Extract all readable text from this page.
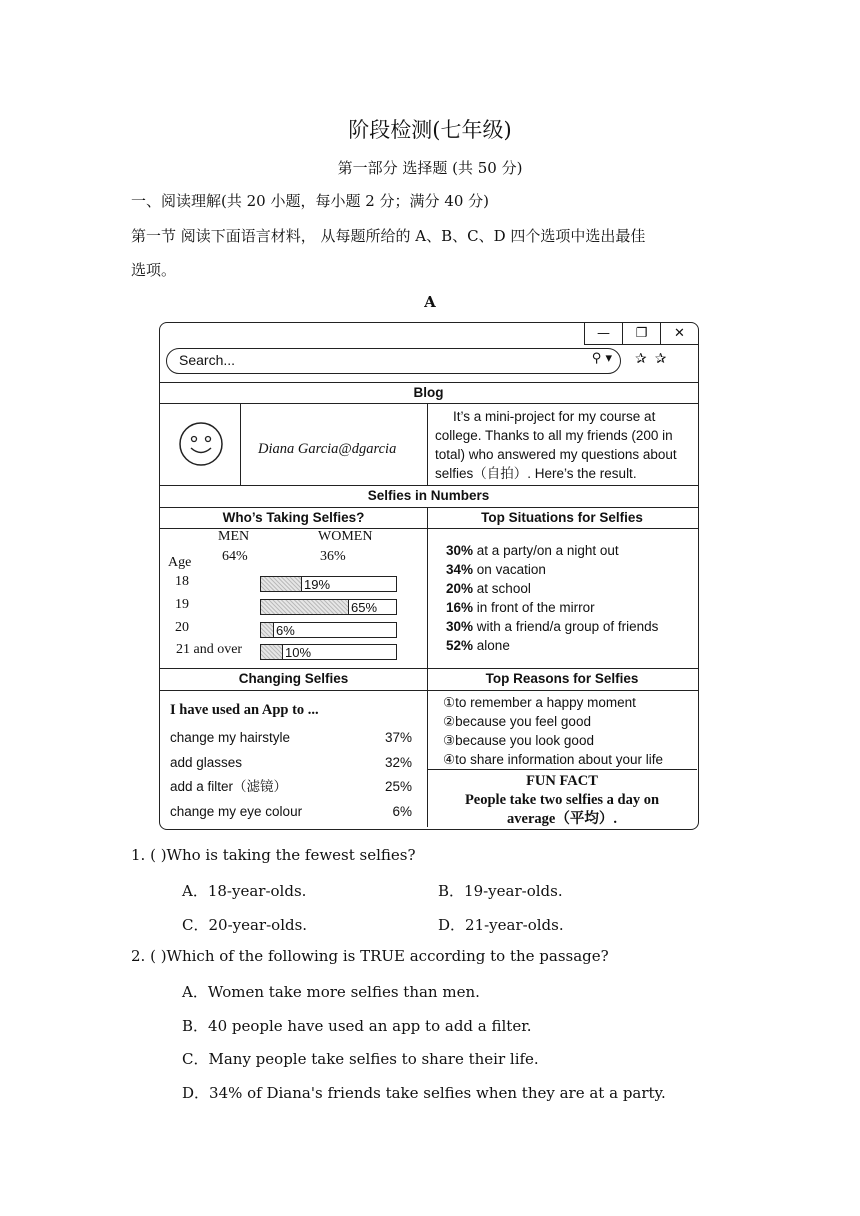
阶段检测(七年级)
第一部分 选择题 (共 50 分)
一、阅读理解(共 20 小题，每小题 2 分；满分 40 分)
第一节 阅读下面语言材料， 从每题所给的 A、B、C、D 四个选项中选出最佳
选项。
A
—	❐	✕
Search...	⚲ ▾ ✰✰
Blog
Diana Garcia@dgarcia
It’s a mini-project for my course at
college. Thanks to all my friends (200 in
total) who answered my questions about
selfies（自拍）. Here’s the result.
Selfies in Numbers
Who’s Taking Selfies?	Top Situations for Selfies
MEN	WOMEN
64%	36%
Age
18	19%
19	65%
20	6%
21 and over	10%
30% at a party/on a night out
34% on vacation
20% at school
16% in front of the mirror
30% with a friend/a group of friends
52% alone
Changing Selfies	Top Reasons for Selfies
I have used an App to ...
change my hairstyle	37%
add glasses	32%
add a filter（滤镜）	25%
change my eye colour	6%
①to remember a happy moment
②because you feel good
③because you look good
④to share information about your life
FUN FACT
People take two selfies a day on
average（平均）.
1. ( )Who is taking the fewest selfies?
A．18-year-olds.	B．19-year-olds.
C．20-year-olds.	D．21-year-olds.
2. ( )Which of the following is TRUE according to the passage?
A．Women take more selfies than men.
B．40 people have used an app to add a filter.
C．Many people take selfies to share their life.
D．34% of Diana's friends take selfies when they are at a party.
